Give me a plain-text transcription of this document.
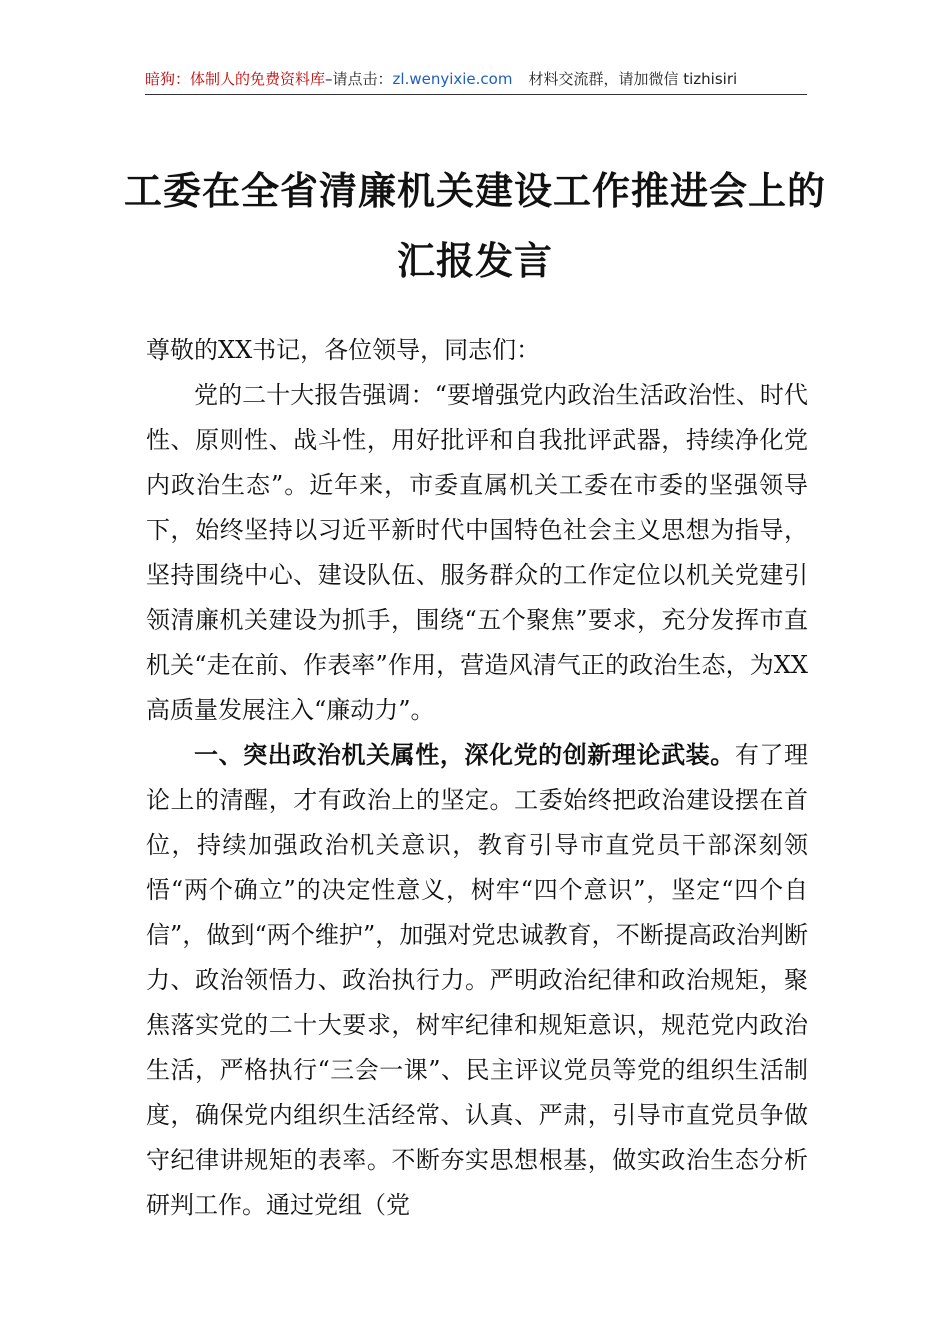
暗狗：体制人的免费资料库–请点击：zl.wenyixie.com 材料交流群，请加微信 tizhisiri
工委在全省清廉机关建设工作推进会上的
汇报发言

尊敬的XX书记，各位领导，同志们：

党的二十大报告强调：“要增强党内政治生活政治性、时代性、原则性、战斗性，用好批评和自我批评武器，持续净化党内政治生态”。近年来，市委直属机关工委在市委的坚强领导下，始终坚持以习近平新时代中国特色社会主义思想为指导，坚持围绕中心、建设队伍、服务群众的工作定位以机关党建引领清廉机关建设为抓手，围绕“五个聚焦”要求，充分发挥市直机关“走在前、作表率”作用，营造风清气正的政治生态，为XX高质量发展注入“廉动力”。

一、突出政治机关属性，深化党的创新理论武装。有了理论上的清醒，才有政治上的坚定。工委始终把政治建设摆在首位，持续加强政治机关意识，教育引导市直党员干部深刻领悟“两个确立”的决定性意义，树牢“四个意识”，坚定“四个自信”，做到“两个维护”，加强对党忠诚教育，不断提高政治判断力、政治领悟力、政治执行力。严明政治纪律和政治规矩，聚焦落实党的二十大要求，树牢纪律和规矩意识，规范党内政治生活，严格执行“三会一课”、民主评议党员等党的组织生活制度，确保党内组织生活经常、认真、严肃，引导市直党员争做守纪律讲规矩的表率。不断夯实思想根基，做实政治生态分析研判工作。通过党组（党
